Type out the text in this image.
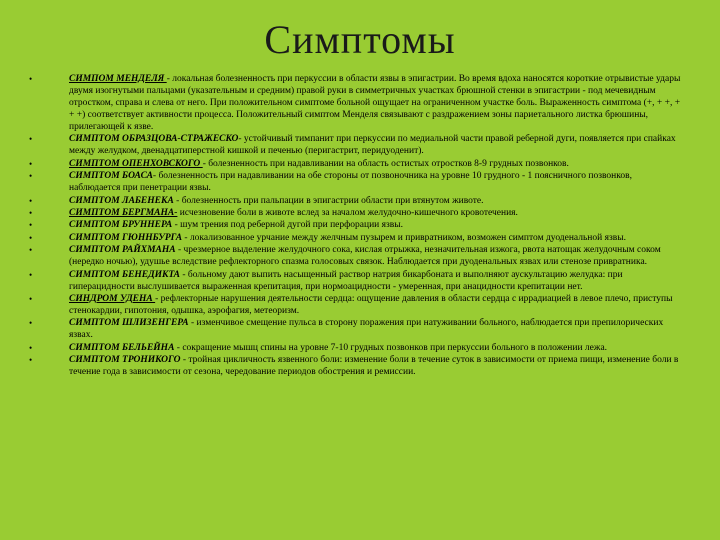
Симптомы
•	СИМПОМ МЕНДЕЛЯ - локальная болезненность при перкуссии в области язвы в эпигастрии. Во время вдоха наносятся короткие отрывистые удары двумя изогнутыми пальцами (указательным и средним) правой руки в симметричных участках брюшной стенки в эпигастрии - под мечевидным отростком, справа и слева от него. При положительном симптоме больной ощущает на ограниченном участке боль. Выраженность симптома (+, + +, + + +) соответствует активности процесса. Положительный симптом Менделя связывают с раздражением зоны париетального листка брюшины, прилегающей к язве.
•	СИМПТОМ ОБРАЗЦОВА-СТРАЖЕСКО- устойчивый тимпанит при перкуссии по медиальной части правой реберной дуги, появляется при спайках между желудком, двенадцатиперстной кишкой и печенью (перигастрит, перидуоденит).
•	СИМПТОМ ОПЕНХОВСКОГО - болезненность при надавливании на область остистых отростков 8-9 грудных позвонков.
•	СИМПТОМ БОАСА- болезненность при надавливании на обе стороны от позвоночника на уровне 10 грудного - 1 поясничного позвонков, наблюдается при пенетрации язвы.
•	СИМПТОМ ЛАБЕНЕКА - болезненность при пальпации в эпигастрии области при втянутом животе.
•	СИМПТОМ БЕРГМАНА- исчезновение боли в животе вслед за началом желудочно-кишечного кровотечения.
•	СИМПТОМ БРУННЕРА - шум трения под реберной дугой при перфорации язвы.
•	СИМПТОМ ГЮННБУРГА - локализованное урчание между желчным пузырем и привратником, возможен симптом дуоденальной язвы.
•	СИМПТОМ РАЙХМАНА - чрезмерное выделение желудочного сока, кислая отрыжка, незначительная изжога, рвота натощак желудочным соком (нередко ночью), удушье вследствие рефлекторного спазма голосовых связок. Наблюдается при дуоденальных язвах или стенозе привратника.
•	СИМПТОМ БЕНЕДИКТА - больному дают выпить насыщенный раствор натрия бикарбоната и выполняют аускультацию желудка: при гиперацидности выслушивается выраженная крепитация, при нормоацидности - умеренная, при анацидности крепитации нет.
•	СИНДРОМ УДЕНА - рефлекторные нарушения деятельности сердца: ощущение давления в области сердца с иррадиацией в левое плечо, приступы стенокардии, гипотония, одышка, аэрофагия, метеоризм.
•	СИМПТОМ ШЛИЗЕНГЕРА - изменчивое смещение пульса в сторону поражения при натуживании больного, наблюдается при препилорических язвах.
•	СИМПТОМ БЕЛЬЕЙНА - сокращение мышц спины на уровне 7-10 грудных позвонков при перкуссии больного в положении лежа.
•	СИМПТОМ ТРОНИКОГО - тройная цикличность язвенного боли: изменение боли в течение суток в зависимости от приема пищи, изменение боли в течение года в зависимости от сезона, чередование периодов обострения и ремиссии.
